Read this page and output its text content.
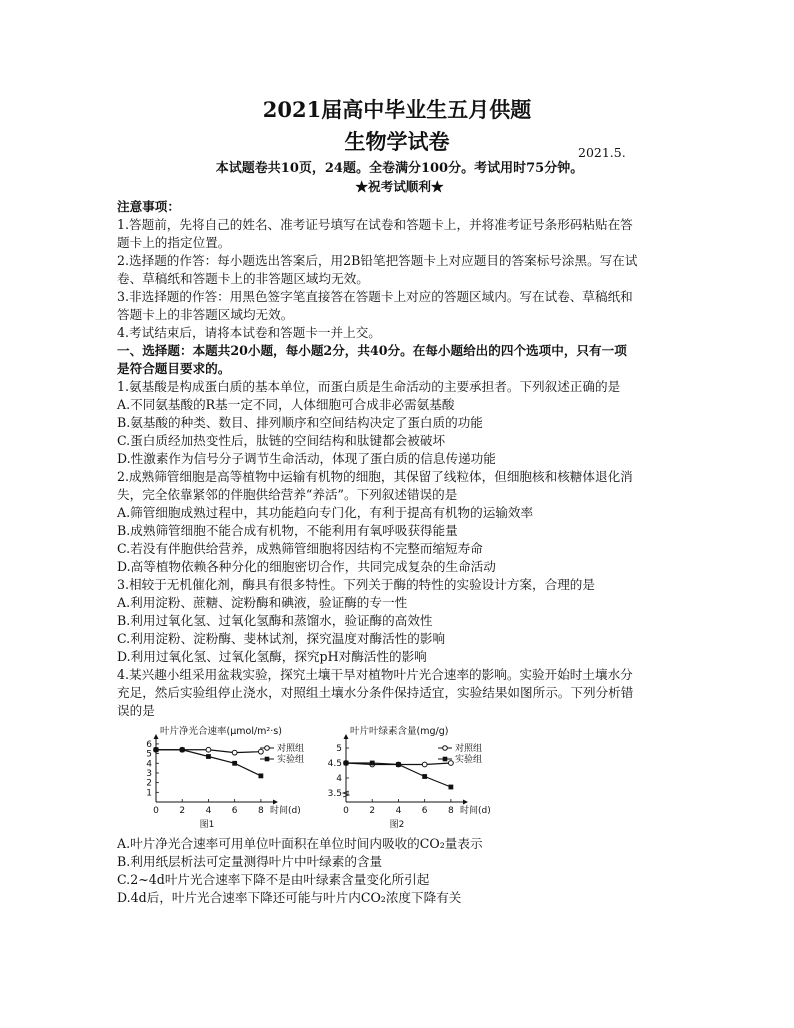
2021届高中毕业生五月供题
生物学试卷	2021.5.
本试题卷共10页，24题。全卷满分100分。考试用时75分钟。
★祝考试顺利★
注意事项：
1.答题前，先将自己的姓名、准考证号填写在试卷和答题卡上，并将准考证号条形码粘贴在答
题卡上的指定位置。
2.选择题的作答：每小题选出答案后，用2B铅笔把答题卡上对应题目的答案标号涂黑。写在试
卷、草稿纸和答题卡上的非答题区域均无效。
3.非选择题的作答：用黑色签字笔直接答在答题卡上对应的答题区域内。写在试卷、草稿纸和
答题卡上的非答题区域均无效。
4.考试结束后，请将本试卷和答题卡一并上交。
一、选择题：本题共20小题，每小题2分，共40分。在每小题给出的四个选项中，只有一项
是符合题目要求的。
1.氨基酸是构成蛋白质的基本单位，而蛋白质是生命活动的主要承担者。下列叙述正确的是
A.不同氨基酸的R基一定不同，人体细胞可合成非必需氨基酸
B.氨基酸的种类、数目、排列顺序和空间结构决定了蛋白质的功能
C.蛋白质经加热变性后，肽链的空间结构和肽键都会被破坏
D.性激素作为信号分子调节生命活动，体现了蛋白质的信息传递功能
2.成熟筛管细胞是高等植物中运输有机物的细胞，其保留了线粒体，但细胞核和核糖体退化消
失，完全依靠紧邻的伴胞供给营养“养活”。下列叙述错误的是
A.筛管细胞成熟过程中，其功能趋向专门化，有利于提高有机物的运输效率
B.成熟筛管细胞不能合成有机物，不能利用有氧呼吸获得能量
C.若没有伴胞供给营养，成熟筛管细胞将因结构不完整而缩短寿命
D.高等植物依赖各种分化的细胞密切合作，共同完成复杂的生命活动
3.相较于无机催化剂，酶具有很多特性。下列关于酶的特性的实验设计方案，合理的是
A.利用淀粉、蔗糖、淀粉酶和碘液，验证酶的专一性
B.利用过氧化氢、过氧化氢酶和蒸馏水，验证酶的高效性
C.利用淀粉、淀粉酶、斐林试剂，探究温度对酶活性的影响
D.利用过氧化氢、过氧化氢酶，探究pH对酶活性的影响
4.某兴趣小组采用盆栽实验，探究土壤干旱对植物叶片光合速率的影响。实验开始时土壤水分
充足，然后实验组停止浇水，对照组土壤水分条件保持适宜，实验结果如图所示。下列分析错
误的是
叶片净光合速率(μmol/m²·s)
1
2
3
4
5
6
0 2 4 6 8 时间(d)
对照组
实验组
图1
叶片叶绿素含量(mg/g)
3.5
4
4.5
5
0 2 4 6 8 时间(d)
对照组
实验组
图2
A.叶片净光合速率可用单位叶面积在单位时间内吸收的CO₂量表示
B.利用纸层析法可定量测得叶片中叶绿素的含量
C.2~4d叶片光合速率下降不是由叶绿素含量变化所引起
D.4d后，叶片光合速率下降还可能与叶片内CO₂浓度下降有关
